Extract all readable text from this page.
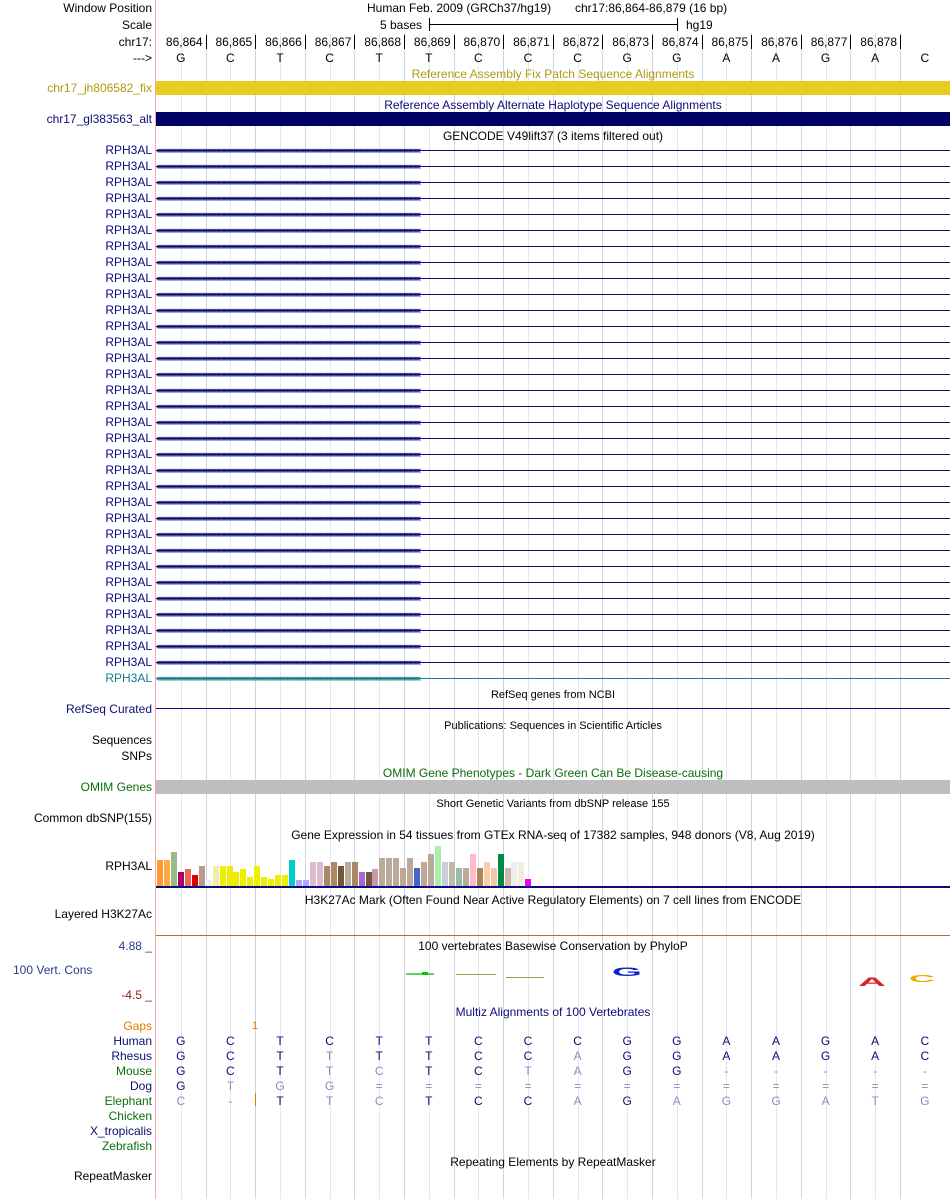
Window Position
Scale
chr17:
--->
Human Feb. 2009 (GRCh37/hg19) chr17:86,864-86,879 (16 bp)
5 bases	hg19
86,864 86,865 86,866 86,867 86,868 86,869 86,870 86,871 86,872 86,873 86,874 86,875 86,876 86,877 86,878
G	C	T	C	T	T	C	C	C	G	G	A	A	G	A	C
Reference Assembly Fix Patch Sequence Alignments
chr17_jh806582_fix
Reference Assembly Alternate Haplotype Sequence Alignments
chr17_gl383563_alt
GENCODE V49lift37 (3 items filtered out)
RPH3AL ‹‹‹‹‹‹‹‹‹‹‹‹‹‹‹‹‹‹‹‹‹‹‹‹‹‹‹‹‹‹‹‹‹‹‹‹‹‹‹‹‹‹‹‹‹‹‹‹‹‹‹‹‹‹‹‹‹‹‹‹‹‹‹‹‹‹‹‹‹‹‹‹‹‹‹‹‹‹‹‹‹‹‹‹‹‹‹‹‹‹‹‹‹‹‹‹‹‹‹‹‹‹‹‹‹‹‹‹‹‹‹‹‹‹‹‹‹‹‹‹‹‹‹‹‹‹‹‹‹‹‹‹‹‹‹‹‹‹‹‹‹‹‹‹‹‹‹‹‹‹‹‹‹‹‹‹‹‹‹‹‹‹‹‹‹‹‹‹‹‹‹‹‹‹‹‹‹‹‹‹‹‹‹‹‹‹‹‹‹‹‹‹‹‹‹‹‹‹‹‹‹‹‹‹‹‹‹‹‹‹‹‹‹‹‹‹‹‹‹‹‹‹‹‹‹‹‹‹‹‹‹‹‹‹‹‹‹‹‹‹
RPH3AL ‹‹‹‹‹‹‹‹‹‹‹‹‹‹‹‹‹‹‹‹‹‹‹‹‹‹‹‹‹‹‹‹‹‹‹‹‹‹‹‹‹‹‹‹‹‹‹‹‹‹‹‹‹‹‹‹‹‹‹‹‹‹‹‹‹‹‹‹‹‹‹‹‹‹‹‹‹‹‹‹‹‹‹‹‹‹‹‹‹‹‹‹‹‹‹‹‹‹‹‹‹‹‹‹‹‹‹‹‹‹‹‹‹‹‹‹‹‹‹‹‹‹‹‹‹‹‹‹‹‹‹‹‹‹‹‹‹‹‹‹‹‹‹‹‹‹‹‹‹‹‹‹‹‹‹‹‹‹‹‹‹‹‹‹‹‹‹‹‹‹‹‹‹‹‹‹‹‹‹‹‹‹‹‹‹‹‹‹‹‹‹‹‹‹‹‹‹‹‹‹‹‹‹‹‹‹‹‹‹‹‹‹‹‹‹‹‹‹‹‹‹‹‹‹‹‹‹‹‹‹‹‹‹‹‹‹‹‹‹‹
RPH3AL ‹‹‹‹‹‹‹‹‹‹‹‹‹‹‹‹‹‹‹‹‹‹‹‹‹‹‹‹‹‹‹‹‹‹‹‹‹‹‹‹‹‹‹‹‹‹‹‹‹‹‹‹‹‹‹‹‹‹‹‹‹‹‹‹‹‹‹‹‹‹‹‹‹‹‹‹‹‹‹‹‹‹‹‹‹‹‹‹‹‹‹‹‹‹‹‹‹‹‹‹‹‹‹‹‹‹‹‹‹‹‹‹‹‹‹‹‹‹‹‹‹‹‹‹‹‹‹‹‹‹‹‹‹‹‹‹‹‹‹‹‹‹‹‹‹‹‹‹‹‹‹‹‹‹‹‹‹‹‹‹‹‹‹‹‹‹‹‹‹‹‹‹‹‹‹‹‹‹‹‹‹‹‹‹‹‹‹‹‹‹‹‹‹‹‹‹‹‹‹‹‹‹‹‹‹‹‹‹‹‹‹‹‹‹‹‹‹‹‹‹‹‹‹‹‹‹‹‹‹‹‹‹‹‹‹‹‹‹‹‹
RPH3AL ‹‹‹‹‹‹‹‹‹‹‹‹‹‹‹‹‹‹‹‹‹‹‹‹‹‹‹‹‹‹‹‹‹‹‹‹‹‹‹‹‹‹‹‹‹‹‹‹‹‹‹‹‹‹‹‹‹‹‹‹‹‹‹‹‹‹‹‹‹‹‹‹‹‹‹‹‹‹‹‹‹‹‹‹‹‹‹‹‹‹‹‹‹‹‹‹‹‹‹‹‹‹‹‹‹‹‹‹‹‹‹‹‹‹‹‹‹‹‹‹‹‹‹‹‹‹‹‹‹‹‹‹‹‹‹‹‹‹‹‹‹‹‹‹‹‹‹‹‹‹‹‹‹‹‹‹‹‹‹‹‹‹‹‹‹‹‹‹‹‹‹‹‹‹‹‹‹‹‹‹‹‹‹‹‹‹‹‹‹‹‹‹‹‹‹‹‹‹‹‹‹‹‹‹‹‹‹‹‹‹‹‹‹‹‹‹‹‹‹‹‹‹‹‹‹‹‹‹‹‹‹‹‹‹‹‹‹‹‹‹
RPH3AL ‹‹‹‹‹‹‹‹‹‹‹‹‹‹‹‹‹‹‹‹‹‹‹‹‹‹‹‹‹‹‹‹‹‹‹‹‹‹‹‹‹‹‹‹‹‹‹‹‹‹‹‹‹‹‹‹‹‹‹‹‹‹‹‹‹‹‹‹‹‹‹‹‹‹‹‹‹‹‹‹‹‹‹‹‹‹‹‹‹‹‹‹‹‹‹‹‹‹‹‹‹‹‹‹‹‹‹‹‹‹‹‹‹‹‹‹‹‹‹‹‹‹‹‹‹‹‹‹‹‹‹‹‹‹‹‹‹‹‹‹‹‹‹‹‹‹‹‹‹‹‹‹‹‹‹‹‹‹‹‹‹‹‹‹‹‹‹‹‹‹‹‹‹‹‹‹‹‹‹‹‹‹‹‹‹‹‹‹‹‹‹‹‹‹‹‹‹‹‹‹‹‹‹‹‹‹‹‹‹‹‹‹‹‹‹‹‹‹‹‹‹‹‹‹‹‹‹‹‹‹‹‹‹‹‹‹‹‹‹‹
RPH3AL ‹‹‹‹‹‹‹‹‹‹‹‹‹‹‹‹‹‹‹‹‹‹‹‹‹‹‹‹‹‹‹‹‹‹‹‹‹‹‹‹‹‹‹‹‹‹‹‹‹‹‹‹‹‹‹‹‹‹‹‹‹‹‹‹‹‹‹‹‹‹‹‹‹‹‹‹‹‹‹‹‹‹‹‹‹‹‹‹‹‹‹‹‹‹‹‹‹‹‹‹‹‹‹‹‹‹‹‹‹‹‹‹‹‹‹‹‹‹‹‹‹‹‹‹‹‹‹‹‹‹‹‹‹‹‹‹‹‹‹‹‹‹‹‹‹‹‹‹‹‹‹‹‹‹‹‹‹‹‹‹‹‹‹‹‹‹‹‹‹‹‹‹‹‹‹‹‹‹‹‹‹‹‹‹‹‹‹‹‹‹‹‹‹‹‹‹‹‹‹‹‹‹‹‹‹‹‹‹‹‹‹‹‹‹‹‹‹‹‹‹‹‹‹‹‹‹‹‹‹‹‹‹‹‹‹‹‹‹‹‹
RPH3AL ‹‹‹‹‹‹‹‹‹‹‹‹‹‹‹‹‹‹‹‹‹‹‹‹‹‹‹‹‹‹‹‹‹‹‹‹‹‹‹‹‹‹‹‹‹‹‹‹‹‹‹‹‹‹‹‹‹‹‹‹‹‹‹‹‹‹‹‹‹‹‹‹‹‹‹‹‹‹‹‹‹‹‹‹‹‹‹‹‹‹‹‹‹‹‹‹‹‹‹‹‹‹‹‹‹‹‹‹‹‹‹‹‹‹‹‹‹‹‹‹‹‹‹‹‹‹‹‹‹‹‹‹‹‹‹‹‹‹‹‹‹‹‹‹‹‹‹‹‹‹‹‹‹‹‹‹‹‹‹‹‹‹‹‹‹‹‹‹‹‹‹‹‹‹‹‹‹‹‹‹‹‹‹‹‹‹‹‹‹‹‹‹‹‹‹‹‹‹‹‹‹‹‹‹‹‹‹‹‹‹‹‹‹‹‹‹‹‹‹‹‹‹‹‹‹‹‹‹‹‹‹‹‹‹‹‹‹‹‹‹
RPH3AL ‹‹‹‹‹‹‹‹‹‹‹‹‹‹‹‹‹‹‹‹‹‹‹‹‹‹‹‹‹‹‹‹‹‹‹‹‹‹‹‹‹‹‹‹‹‹‹‹‹‹‹‹‹‹‹‹‹‹‹‹‹‹‹‹‹‹‹‹‹‹‹‹‹‹‹‹‹‹‹‹‹‹‹‹‹‹‹‹‹‹‹‹‹‹‹‹‹‹‹‹‹‹‹‹‹‹‹‹‹‹‹‹‹‹‹‹‹‹‹‹‹‹‹‹‹‹‹‹‹‹‹‹‹‹‹‹‹‹‹‹‹‹‹‹‹‹‹‹‹‹‹‹‹‹‹‹‹‹‹‹‹‹‹‹‹‹‹‹‹‹‹‹‹‹‹‹‹‹‹‹‹‹‹‹‹‹‹‹‹‹‹‹‹‹‹‹‹‹‹‹‹‹‹‹‹‹‹‹‹‹‹‹‹‹‹‹‹‹‹‹‹‹‹‹‹‹‹‹‹‹‹‹‹‹‹‹‹‹‹‹
RPH3AL ‹‹‹‹‹‹‹‹‹‹‹‹‹‹‹‹‹‹‹‹‹‹‹‹‹‹‹‹‹‹‹‹‹‹‹‹‹‹‹‹‹‹‹‹‹‹‹‹‹‹‹‹‹‹‹‹‹‹‹‹‹‹‹‹‹‹‹‹‹‹‹‹‹‹‹‹‹‹‹‹‹‹‹‹‹‹‹‹‹‹‹‹‹‹‹‹‹‹‹‹‹‹‹‹‹‹‹‹‹‹‹‹‹‹‹‹‹‹‹‹‹‹‹‹‹‹‹‹‹‹‹‹‹‹‹‹‹‹‹‹‹‹‹‹‹‹‹‹‹‹‹‹‹‹‹‹‹‹‹‹‹‹‹‹‹‹‹‹‹‹‹‹‹‹‹‹‹‹‹‹‹‹‹‹‹‹‹‹‹‹‹‹‹‹‹‹‹‹‹‹‹‹‹‹‹‹‹‹‹‹‹‹‹‹‹‹‹‹‹‹‹‹‹‹‹‹‹‹‹‹‹‹‹‹‹‹‹‹‹‹
RPH3AL ‹‹‹‹‹‹‹‹‹‹‹‹‹‹‹‹‹‹‹‹‹‹‹‹‹‹‹‹‹‹‹‹‹‹‹‹‹‹‹‹‹‹‹‹‹‹‹‹‹‹‹‹‹‹‹‹‹‹‹‹‹‹‹‹‹‹‹‹‹‹‹‹‹‹‹‹‹‹‹‹‹‹‹‹‹‹‹‹‹‹‹‹‹‹‹‹‹‹‹‹‹‹‹‹‹‹‹‹‹‹‹‹‹‹‹‹‹‹‹‹‹‹‹‹‹‹‹‹‹‹‹‹‹‹‹‹‹‹‹‹‹‹‹‹‹‹‹‹‹‹‹‹‹‹‹‹‹‹‹‹‹‹‹‹‹‹‹‹‹‹‹‹‹‹‹‹‹‹‹‹‹‹‹‹‹‹‹‹‹‹‹‹‹‹‹‹‹‹‹‹‹‹‹‹‹‹‹‹‹‹‹‹‹‹‹‹‹‹‹‹‹‹‹‹‹‹‹‹‹‹‹‹‹‹‹‹‹‹‹‹
RPH3AL ‹‹‹‹‹‹‹‹‹‹‹‹‹‹‹‹‹‹‹‹‹‹‹‹‹‹‹‹‹‹‹‹‹‹‹‹‹‹‹‹‹‹‹‹‹‹‹‹‹‹‹‹‹‹‹‹‹‹‹‹‹‹‹‹‹‹‹‹‹‹‹‹‹‹‹‹‹‹‹‹‹‹‹‹‹‹‹‹‹‹‹‹‹‹‹‹‹‹‹‹‹‹‹‹‹‹‹‹‹‹‹‹‹‹‹‹‹‹‹‹‹‹‹‹‹‹‹‹‹‹‹‹‹‹‹‹‹‹‹‹‹‹‹‹‹‹‹‹‹‹‹‹‹‹‹‹‹‹‹‹‹‹‹‹‹‹‹‹‹‹‹‹‹‹‹‹‹‹‹‹‹‹‹‹‹‹‹‹‹‹‹‹‹‹‹‹‹‹‹‹‹‹‹‹‹‹‹‹‹‹‹‹‹‹‹‹‹‹‹‹‹‹‹‹‹‹‹‹‹‹‹‹‹‹‹‹‹‹‹‹
RPH3AL ‹‹‹‹‹‹‹‹‹‹‹‹‹‹‹‹‹‹‹‹‹‹‹‹‹‹‹‹‹‹‹‹‹‹‹‹‹‹‹‹‹‹‹‹‹‹‹‹‹‹‹‹‹‹‹‹‹‹‹‹‹‹‹‹‹‹‹‹‹‹‹‹‹‹‹‹‹‹‹‹‹‹‹‹‹‹‹‹‹‹‹‹‹‹‹‹‹‹‹‹‹‹‹‹‹‹‹‹‹‹‹‹‹‹‹‹‹‹‹‹‹‹‹‹‹‹‹‹‹‹‹‹‹‹‹‹‹‹‹‹‹‹‹‹‹‹‹‹‹‹‹‹‹‹‹‹‹‹‹‹‹‹‹‹‹‹‹‹‹‹‹‹‹‹‹‹‹‹‹‹‹‹‹‹‹‹‹‹‹‹‹‹‹‹‹‹‹‹‹‹‹‹‹‹‹‹‹‹‹‹‹‹‹‹‹‹‹‹‹‹‹‹‹‹‹‹‹‹‹‹‹‹‹‹‹‹‹‹‹‹
RPH3AL ‹‹‹‹‹‹‹‹‹‹‹‹‹‹‹‹‹‹‹‹‹‹‹‹‹‹‹‹‹‹‹‹‹‹‹‹‹‹‹‹‹‹‹‹‹‹‹‹‹‹‹‹‹‹‹‹‹‹‹‹‹‹‹‹‹‹‹‹‹‹‹‹‹‹‹‹‹‹‹‹‹‹‹‹‹‹‹‹‹‹‹‹‹‹‹‹‹‹‹‹‹‹‹‹‹‹‹‹‹‹‹‹‹‹‹‹‹‹‹‹‹‹‹‹‹‹‹‹‹‹‹‹‹‹‹‹‹‹‹‹‹‹‹‹‹‹‹‹‹‹‹‹‹‹‹‹‹‹‹‹‹‹‹‹‹‹‹‹‹‹‹‹‹‹‹‹‹‹‹‹‹‹‹‹‹‹‹‹‹‹‹‹‹‹‹‹‹‹‹‹‹‹‹‹‹‹‹‹‹‹‹‹‹‹‹‹‹‹‹‹‹‹‹‹‹‹‹‹‹‹‹‹‹‹‹‹‹‹‹‹
RPH3AL ‹‹‹‹‹‹‹‹‹‹‹‹‹‹‹‹‹‹‹‹‹‹‹‹‹‹‹‹‹‹‹‹‹‹‹‹‹‹‹‹‹‹‹‹‹‹‹‹‹‹‹‹‹‹‹‹‹‹‹‹‹‹‹‹‹‹‹‹‹‹‹‹‹‹‹‹‹‹‹‹‹‹‹‹‹‹‹‹‹‹‹‹‹‹‹‹‹‹‹‹‹‹‹‹‹‹‹‹‹‹‹‹‹‹‹‹‹‹‹‹‹‹‹‹‹‹‹‹‹‹‹‹‹‹‹‹‹‹‹‹‹‹‹‹‹‹‹‹‹‹‹‹‹‹‹‹‹‹‹‹‹‹‹‹‹‹‹‹‹‹‹‹‹‹‹‹‹‹‹‹‹‹‹‹‹‹‹‹‹‹‹‹‹‹‹‹‹‹‹‹‹‹‹‹‹‹‹‹‹‹‹‹‹‹‹‹‹‹‹‹‹‹‹‹‹‹‹‹‹‹‹‹‹‹‹‹‹‹‹‹
RPH3AL ‹‹‹‹‹‹‹‹‹‹‹‹‹‹‹‹‹‹‹‹‹‹‹‹‹‹‹‹‹‹‹‹‹‹‹‹‹‹‹‹‹‹‹‹‹‹‹‹‹‹‹‹‹‹‹‹‹‹‹‹‹‹‹‹‹‹‹‹‹‹‹‹‹‹‹‹‹‹‹‹‹‹‹‹‹‹‹‹‹‹‹‹‹‹‹‹‹‹‹‹‹‹‹‹‹‹‹‹‹‹‹‹‹‹‹‹‹‹‹‹‹‹‹‹‹‹‹‹‹‹‹‹‹‹‹‹‹‹‹‹‹‹‹‹‹‹‹‹‹‹‹‹‹‹‹‹‹‹‹‹‹‹‹‹‹‹‹‹‹‹‹‹‹‹‹‹‹‹‹‹‹‹‹‹‹‹‹‹‹‹‹‹‹‹‹‹‹‹‹‹‹‹‹‹‹‹‹‹‹‹‹‹‹‹‹‹‹‹‹‹‹‹‹‹‹‹‹‹‹‹‹‹‹‹‹‹‹‹‹‹
RPH3AL ‹‹‹‹‹‹‹‹‹‹‹‹‹‹‹‹‹‹‹‹‹‹‹‹‹‹‹‹‹‹‹‹‹‹‹‹‹‹‹‹‹‹‹‹‹‹‹‹‹‹‹‹‹‹‹‹‹‹‹‹‹‹‹‹‹‹‹‹‹‹‹‹‹‹‹‹‹‹‹‹‹‹‹‹‹‹‹‹‹‹‹‹‹‹‹‹‹‹‹‹‹‹‹‹‹‹‹‹‹‹‹‹‹‹‹‹‹‹‹‹‹‹‹‹‹‹‹‹‹‹‹‹‹‹‹‹‹‹‹‹‹‹‹‹‹‹‹‹‹‹‹‹‹‹‹‹‹‹‹‹‹‹‹‹‹‹‹‹‹‹‹‹‹‹‹‹‹‹‹‹‹‹‹‹‹‹‹‹‹‹‹‹‹‹‹‹‹‹‹‹‹‹‹‹‹‹‹‹‹‹‹‹‹‹‹‹‹‹‹‹‹‹‹‹‹‹‹‹‹‹‹‹‹‹‹‹‹‹‹‹
RPH3AL ‹‹‹‹‹‹‹‹‹‹‹‹‹‹‹‹‹‹‹‹‹‹‹‹‹‹‹‹‹‹‹‹‹‹‹‹‹‹‹‹‹‹‹‹‹‹‹‹‹‹‹‹‹‹‹‹‹‹‹‹‹‹‹‹‹‹‹‹‹‹‹‹‹‹‹‹‹‹‹‹‹‹‹‹‹‹‹‹‹‹‹‹‹‹‹‹‹‹‹‹‹‹‹‹‹‹‹‹‹‹‹‹‹‹‹‹‹‹‹‹‹‹‹‹‹‹‹‹‹‹‹‹‹‹‹‹‹‹‹‹‹‹‹‹‹‹‹‹‹‹‹‹‹‹‹‹‹‹‹‹‹‹‹‹‹‹‹‹‹‹‹‹‹‹‹‹‹‹‹‹‹‹‹‹‹‹‹‹‹‹‹‹‹‹‹‹‹‹‹‹‹‹‹‹‹‹‹‹‹‹‹‹‹‹‹‹‹‹‹‹‹‹‹‹‹‹‹‹‹‹‹‹‹‹‹‹‹‹‹‹
RPH3AL ‹‹‹‹‹‹‹‹‹‹‹‹‹‹‹‹‹‹‹‹‹‹‹‹‹‹‹‹‹‹‹‹‹‹‹‹‹‹‹‹‹‹‹‹‹‹‹‹‹‹‹‹‹‹‹‹‹‹‹‹‹‹‹‹‹‹‹‹‹‹‹‹‹‹‹‹‹‹‹‹‹‹‹‹‹‹‹‹‹‹‹‹‹‹‹‹‹‹‹‹‹‹‹‹‹‹‹‹‹‹‹‹‹‹‹‹‹‹‹‹‹‹‹‹‹‹‹‹‹‹‹‹‹‹‹‹‹‹‹‹‹‹‹‹‹‹‹‹‹‹‹‹‹‹‹‹‹‹‹‹‹‹‹‹‹‹‹‹‹‹‹‹‹‹‹‹‹‹‹‹‹‹‹‹‹‹‹‹‹‹‹‹‹‹‹‹‹‹‹‹‹‹‹‹‹‹‹‹‹‹‹‹‹‹‹‹‹‹‹‹‹‹‹‹‹‹‹‹‹‹‹‹‹‹‹‹‹‹‹‹
RPH3AL ‹‹‹‹‹‹‹‹‹‹‹‹‹‹‹‹‹‹‹‹‹‹‹‹‹‹‹‹‹‹‹‹‹‹‹‹‹‹‹‹‹‹‹‹‹‹‹‹‹‹‹‹‹‹‹‹‹‹‹‹‹‹‹‹‹‹‹‹‹‹‹‹‹‹‹‹‹‹‹‹‹‹‹‹‹‹‹‹‹‹‹‹‹‹‹‹‹‹‹‹‹‹‹‹‹‹‹‹‹‹‹‹‹‹‹‹‹‹‹‹‹‹‹‹‹‹‹‹‹‹‹‹‹‹‹‹‹‹‹‹‹‹‹‹‹‹‹‹‹‹‹‹‹‹‹‹‹‹‹‹‹‹‹‹‹‹‹‹‹‹‹‹‹‹‹‹‹‹‹‹‹‹‹‹‹‹‹‹‹‹‹‹‹‹‹‹‹‹‹‹‹‹‹‹‹‹‹‹‹‹‹‹‹‹‹‹‹‹‹‹‹‹‹‹‹‹‹‹‹‹‹‹‹‹‹‹‹‹‹‹
RPH3AL ‹‹‹‹‹‹‹‹‹‹‹‹‹‹‹‹‹‹‹‹‹‹‹‹‹‹‹‹‹‹‹‹‹‹‹‹‹‹‹‹‹‹‹‹‹‹‹‹‹‹‹‹‹‹‹‹‹‹‹‹‹‹‹‹‹‹‹‹‹‹‹‹‹‹‹‹‹‹‹‹‹‹‹‹‹‹‹‹‹‹‹‹‹‹‹‹‹‹‹‹‹‹‹‹‹‹‹‹‹‹‹‹‹‹‹‹‹‹‹‹‹‹‹‹‹‹‹‹‹‹‹‹‹‹‹‹‹‹‹‹‹‹‹‹‹‹‹‹‹‹‹‹‹‹‹‹‹‹‹‹‹‹‹‹‹‹‹‹‹‹‹‹‹‹‹‹‹‹‹‹‹‹‹‹‹‹‹‹‹‹‹‹‹‹‹‹‹‹‹‹‹‹‹‹‹‹‹‹‹‹‹‹‹‹‹‹‹‹‹‹‹‹‹‹‹‹‹‹‹‹‹‹‹‹‹‹‹‹‹‹
RPH3AL ‹‹‹‹‹‹‹‹‹‹‹‹‹‹‹‹‹‹‹‹‹‹‹‹‹‹‹‹‹‹‹‹‹‹‹‹‹‹‹‹‹‹‹‹‹‹‹‹‹‹‹‹‹‹‹‹‹‹‹‹‹‹‹‹‹‹‹‹‹‹‹‹‹‹‹‹‹‹‹‹‹‹‹‹‹‹‹‹‹‹‹‹‹‹‹‹‹‹‹‹‹‹‹‹‹‹‹‹‹‹‹‹‹‹‹‹‹‹‹‹‹‹‹‹‹‹‹‹‹‹‹‹‹‹‹‹‹‹‹‹‹‹‹‹‹‹‹‹‹‹‹‹‹‹‹‹‹‹‹‹‹‹‹‹‹‹‹‹‹‹‹‹‹‹‹‹‹‹‹‹‹‹‹‹‹‹‹‹‹‹‹‹‹‹‹‹‹‹‹‹‹‹‹‹‹‹‹‹‹‹‹‹‹‹‹‹‹‹‹‹‹‹‹‹‹‹‹‹‹‹‹‹‹‹‹‹‹‹‹‹
RPH3AL ‹‹‹‹‹‹‹‹‹‹‹‹‹‹‹‹‹‹‹‹‹‹‹‹‹‹‹‹‹‹‹‹‹‹‹‹‹‹‹‹‹‹‹‹‹‹‹‹‹‹‹‹‹‹‹‹‹‹‹‹‹‹‹‹‹‹‹‹‹‹‹‹‹‹‹‹‹‹‹‹‹‹‹‹‹‹‹‹‹‹‹‹‹‹‹‹‹‹‹‹‹‹‹‹‹‹‹‹‹‹‹‹‹‹‹‹‹‹‹‹‹‹‹‹‹‹‹‹‹‹‹‹‹‹‹‹‹‹‹‹‹‹‹‹‹‹‹‹‹‹‹‹‹‹‹‹‹‹‹‹‹‹‹‹‹‹‹‹‹‹‹‹‹‹‹‹‹‹‹‹‹‹‹‹‹‹‹‹‹‹‹‹‹‹‹‹‹‹‹‹‹‹‹‹‹‹‹‹‹‹‹‹‹‹‹‹‹‹‹‹‹‹‹‹‹‹‹‹‹‹‹‹‹‹‹‹‹‹‹‹
RPH3AL ‹‹‹‹‹‹‹‹‹‹‹‹‹‹‹‹‹‹‹‹‹‹‹‹‹‹‹‹‹‹‹‹‹‹‹‹‹‹‹‹‹‹‹‹‹‹‹‹‹‹‹‹‹‹‹‹‹‹‹‹‹‹‹‹‹‹‹‹‹‹‹‹‹‹‹‹‹‹‹‹‹‹‹‹‹‹‹‹‹‹‹‹‹‹‹‹‹‹‹‹‹‹‹‹‹‹‹‹‹‹‹‹‹‹‹‹‹‹‹‹‹‹‹‹‹‹‹‹‹‹‹‹‹‹‹‹‹‹‹‹‹‹‹‹‹‹‹‹‹‹‹‹‹‹‹‹‹‹‹‹‹‹‹‹‹‹‹‹‹‹‹‹‹‹‹‹‹‹‹‹‹‹‹‹‹‹‹‹‹‹‹‹‹‹‹‹‹‹‹‹‹‹‹‹‹‹‹‹‹‹‹‹‹‹‹‹‹‹‹‹‹‹‹‹‹‹‹‹‹‹‹‹‹‹‹‹‹‹‹‹
RPH3AL ‹‹‹‹‹‹‹‹‹‹‹‹‹‹‹‹‹‹‹‹‹‹‹‹‹‹‹‹‹‹‹‹‹‹‹‹‹‹‹‹‹‹‹‹‹‹‹‹‹‹‹‹‹‹‹‹‹‹‹‹‹‹‹‹‹‹‹‹‹‹‹‹‹‹‹‹‹‹‹‹‹‹‹‹‹‹‹‹‹‹‹‹‹‹‹‹‹‹‹‹‹‹‹‹‹‹‹‹‹‹‹‹‹‹‹‹‹‹‹‹‹‹‹‹‹‹‹‹‹‹‹‹‹‹‹‹‹‹‹‹‹‹‹‹‹‹‹‹‹‹‹‹‹‹‹‹‹‹‹‹‹‹‹‹‹‹‹‹‹‹‹‹‹‹‹‹‹‹‹‹‹‹‹‹‹‹‹‹‹‹‹‹‹‹‹‹‹‹‹‹‹‹‹‹‹‹‹‹‹‹‹‹‹‹‹‹‹‹‹‹‹‹‹‹‹‹‹‹‹‹‹‹‹‹‹‹‹‹‹‹
RPH3AL ‹‹‹‹‹‹‹‹‹‹‹‹‹‹‹‹‹‹‹‹‹‹‹‹‹‹‹‹‹‹‹‹‹‹‹‹‹‹‹‹‹‹‹‹‹‹‹‹‹‹‹‹‹‹‹‹‹‹‹‹‹‹‹‹‹‹‹‹‹‹‹‹‹‹‹‹‹‹‹‹‹‹‹‹‹‹‹‹‹‹‹‹‹‹‹‹‹‹‹‹‹‹‹‹‹‹‹‹‹‹‹‹‹‹‹‹‹‹‹‹‹‹‹‹‹‹‹‹‹‹‹‹‹‹‹‹‹‹‹‹‹‹‹‹‹‹‹‹‹‹‹‹‹‹‹‹‹‹‹‹‹‹‹‹‹‹‹‹‹‹‹‹‹‹‹‹‹‹‹‹‹‹‹‹‹‹‹‹‹‹‹‹‹‹‹‹‹‹‹‹‹‹‹‹‹‹‹‹‹‹‹‹‹‹‹‹‹‹‹‹‹‹‹‹‹‹‹‹‹‹‹‹‹‹‹‹‹‹‹‹
RPH3AL ‹‹‹‹‹‹‹‹‹‹‹‹‹‹‹‹‹‹‹‹‹‹‹‹‹‹‹‹‹‹‹‹‹‹‹‹‹‹‹‹‹‹‹‹‹‹‹‹‹‹‹‹‹‹‹‹‹‹‹‹‹‹‹‹‹‹‹‹‹‹‹‹‹‹‹‹‹‹‹‹‹‹‹‹‹‹‹‹‹‹‹‹‹‹‹‹‹‹‹‹‹‹‹‹‹‹‹‹‹‹‹‹‹‹‹‹‹‹‹‹‹‹‹‹‹‹‹‹‹‹‹‹‹‹‹‹‹‹‹‹‹‹‹‹‹‹‹‹‹‹‹‹‹‹‹‹‹‹‹‹‹‹‹‹‹‹‹‹‹‹‹‹‹‹‹‹‹‹‹‹‹‹‹‹‹‹‹‹‹‹‹‹‹‹‹‹‹‹‹‹‹‹‹‹‹‹‹‹‹‹‹‹‹‹‹‹‹‹‹‹‹‹‹‹‹‹‹‹‹‹‹‹‹‹‹‹‹‹‹‹
RPH3AL ‹‹‹‹‹‹‹‹‹‹‹‹‹‹‹‹‹‹‹‹‹‹‹‹‹‹‹‹‹‹‹‹‹‹‹‹‹‹‹‹‹‹‹‹‹‹‹‹‹‹‹‹‹‹‹‹‹‹‹‹‹‹‹‹‹‹‹‹‹‹‹‹‹‹‹‹‹‹‹‹‹‹‹‹‹‹‹‹‹‹‹‹‹‹‹‹‹‹‹‹‹‹‹‹‹‹‹‹‹‹‹‹‹‹‹‹‹‹‹‹‹‹‹‹‹‹‹‹‹‹‹‹‹‹‹‹‹‹‹‹‹‹‹‹‹‹‹‹‹‹‹‹‹‹‹‹‹‹‹‹‹‹‹‹‹‹‹‹‹‹‹‹‹‹‹‹‹‹‹‹‹‹‹‹‹‹‹‹‹‹‹‹‹‹‹‹‹‹‹‹‹‹‹‹‹‹‹‹‹‹‹‹‹‹‹‹‹‹‹‹‹‹‹‹‹‹‹‹‹‹‹‹‹‹‹‹‹‹‹‹
RPH3AL ‹‹‹‹‹‹‹‹‹‹‹‹‹‹‹‹‹‹‹‹‹‹‹‹‹‹‹‹‹‹‹‹‹‹‹‹‹‹‹‹‹‹‹‹‹‹‹‹‹‹‹‹‹‹‹‹‹‹‹‹‹‹‹‹‹‹‹‹‹‹‹‹‹‹‹‹‹‹‹‹‹‹‹‹‹‹‹‹‹‹‹‹‹‹‹‹‹‹‹‹‹‹‹‹‹‹‹‹‹‹‹‹‹‹‹‹‹‹‹‹‹‹‹‹‹‹‹‹‹‹‹‹‹‹‹‹‹‹‹‹‹‹‹‹‹‹‹‹‹‹‹‹‹‹‹‹‹‹‹‹‹‹‹‹‹‹‹‹‹‹‹‹‹‹‹‹‹‹‹‹‹‹‹‹‹‹‹‹‹‹‹‹‹‹‹‹‹‹‹‹‹‹‹‹‹‹‹‹‹‹‹‹‹‹‹‹‹‹‹‹‹‹‹‹‹‹‹‹‹‹‹‹‹‹‹‹‹‹‹‹
RPH3AL ‹‹‹‹‹‹‹‹‹‹‹‹‹‹‹‹‹‹‹‹‹‹‹‹‹‹‹‹‹‹‹‹‹‹‹‹‹‹‹‹‹‹‹‹‹‹‹‹‹‹‹‹‹‹‹‹‹‹‹‹‹‹‹‹‹‹‹‹‹‹‹‹‹‹‹‹‹‹‹‹‹‹‹‹‹‹‹‹‹‹‹‹‹‹‹‹‹‹‹‹‹‹‹‹‹‹‹‹‹‹‹‹‹‹‹‹‹‹‹‹‹‹‹‹‹‹‹‹‹‹‹‹‹‹‹‹‹‹‹‹‹‹‹‹‹‹‹‹‹‹‹‹‹‹‹‹‹‹‹‹‹‹‹‹‹‹‹‹‹‹‹‹‹‹‹‹‹‹‹‹‹‹‹‹‹‹‹‹‹‹‹‹‹‹‹‹‹‹‹‹‹‹‹‹‹‹‹‹‹‹‹‹‹‹‹‹‹‹‹‹‹‹‹‹‹‹‹‹‹‹‹‹‹‹‹‹‹‹‹‹
RPH3AL ‹‹‹‹‹‹‹‹‹‹‹‹‹‹‹‹‹‹‹‹‹‹‹‹‹‹‹‹‹‹‹‹‹‹‹‹‹‹‹‹‹‹‹‹‹‹‹‹‹‹‹‹‹‹‹‹‹‹‹‹‹‹‹‹‹‹‹‹‹‹‹‹‹‹‹‹‹‹‹‹‹‹‹‹‹‹‹‹‹‹‹‹‹‹‹‹‹‹‹‹‹‹‹‹‹‹‹‹‹‹‹‹‹‹‹‹‹‹‹‹‹‹‹‹‹‹‹‹‹‹‹‹‹‹‹‹‹‹‹‹‹‹‹‹‹‹‹‹‹‹‹‹‹‹‹‹‹‹‹‹‹‹‹‹‹‹‹‹‹‹‹‹‹‹‹‹‹‹‹‹‹‹‹‹‹‹‹‹‹‹‹‹‹‹‹‹‹‹‹‹‹‹‹‹‹‹‹‹‹‹‹‹‹‹‹‹‹‹‹‹‹‹‹‹‹‹‹‹‹‹‹‹‹‹‹‹‹‹‹‹
RPH3AL ‹‹‹‹‹‹‹‹‹‹‹‹‹‹‹‹‹‹‹‹‹‹‹‹‹‹‹‹‹‹‹‹‹‹‹‹‹‹‹‹‹‹‹‹‹‹‹‹‹‹‹‹‹‹‹‹‹‹‹‹‹‹‹‹‹‹‹‹‹‹‹‹‹‹‹‹‹‹‹‹‹‹‹‹‹‹‹‹‹‹‹‹‹‹‹‹‹‹‹‹‹‹‹‹‹‹‹‹‹‹‹‹‹‹‹‹‹‹‹‹‹‹‹‹‹‹‹‹‹‹‹‹‹‹‹‹‹‹‹‹‹‹‹‹‹‹‹‹‹‹‹‹‹‹‹‹‹‹‹‹‹‹‹‹‹‹‹‹‹‹‹‹‹‹‹‹‹‹‹‹‹‹‹‹‹‹‹‹‹‹‹‹‹‹‹‹‹‹‹‹‹‹‹‹‹‹‹‹‹‹‹‹‹‹‹‹‹‹‹‹‹‹‹‹‹‹‹‹‹‹‹‹‹‹‹‹‹‹‹‹
RPH3AL ‹‹‹‹‹‹‹‹‹‹‹‹‹‹‹‹‹‹‹‹‹‹‹‹‹‹‹‹‹‹‹‹‹‹‹‹‹‹‹‹‹‹‹‹‹‹‹‹‹‹‹‹‹‹‹‹‹‹‹‹‹‹‹‹‹‹‹‹‹‹‹‹‹‹‹‹‹‹‹‹‹‹‹‹‹‹‹‹‹‹‹‹‹‹‹‹‹‹‹‹‹‹‹‹‹‹‹‹‹‹‹‹‹‹‹‹‹‹‹‹‹‹‹‹‹‹‹‹‹‹‹‹‹‹‹‹‹‹‹‹‹‹‹‹‹‹‹‹‹‹‹‹‹‹‹‹‹‹‹‹‹‹‹‹‹‹‹‹‹‹‹‹‹‹‹‹‹‹‹‹‹‹‹‹‹‹‹‹‹‹‹‹‹‹‹‹‹‹‹‹‹‹‹‹‹‹‹‹‹‹‹‹‹‹‹‹‹‹‹‹‹‹‹‹‹‹‹‹‹‹‹‹‹‹‹‹‹‹‹‹
RPH3AL ‹‹‹‹‹‹‹‹‹‹‹‹‹‹‹‹‹‹‹‹‹‹‹‹‹‹‹‹‹‹‹‹‹‹‹‹‹‹‹‹‹‹‹‹‹‹‹‹‹‹‹‹‹‹‹‹‹‹‹‹‹‹‹‹‹‹‹‹‹‹‹‹‹‹‹‹‹‹‹‹‹‹‹‹‹‹‹‹‹‹‹‹‹‹‹‹‹‹‹‹‹‹‹‹‹‹‹‹‹‹‹‹‹‹‹‹‹‹‹‹‹‹‹‹‹‹‹‹‹‹‹‹‹‹‹‹‹‹‹‹‹‹‹‹‹‹‹‹‹‹‹‹‹‹‹‹‹‹‹‹‹‹‹‹‹‹‹‹‹‹‹‹‹‹‹‹‹‹‹‹‹‹‹‹‹‹‹‹‹‹‹‹‹‹‹‹‹‹‹‹‹‹‹‹‹‹‹‹‹‹‹‹‹‹‹‹‹‹‹‹‹‹‹‹‹‹‹‹‹‹‹‹‹‹‹‹‹‹‹‹
RPH3AL ‹‹‹‹‹‹‹‹‹‹‹‹‹‹‹‹‹‹‹‹‹‹‹‹‹‹‹‹‹‹‹‹‹‹‹‹‹‹‹‹‹‹‹‹‹‹‹‹‹‹‹‹‹‹‹‹‹‹‹‹‹‹‹‹‹‹‹‹‹‹‹‹‹‹‹‹‹‹‹‹‹‹‹‹‹‹‹‹‹‹‹‹‹‹‹‹‹‹‹‹‹‹‹‹‹‹‹‹‹‹‹‹‹‹‹‹‹‹‹‹‹‹‹‹‹‹‹‹‹‹‹‹‹‹‹‹‹‹‹‹‹‹‹‹‹‹‹‹‹‹‹‹‹‹‹‹‹‹‹‹‹‹‹‹‹‹‹‹‹‹‹‹‹‹‹‹‹‹‹‹‹‹‹‹‹‹‹‹‹‹‹‹‹‹‹‹‹‹‹‹‹‹‹‹‹‹‹‹‹‹‹‹‹‹‹‹‹‹‹‹‹‹‹‹‹‹‹‹‹‹‹‹‹‹‹‹‹‹‹‹
RefSeq genes from NCBI
RefSeq Curated
Publications: Sequences in Scientific Articles
Sequences
SNPs
OMIM Gene Phenotypes - Dark Green Can Be Disease-causing
OMIM Genes
Short Genetic Variants from dbSNP release 155
Common dbSNP(155)
Gene Expression in 54 tissues from GTEx RNA-seq of 17382 samples, 948 donors (V8, Aug 2019)
RPH3AL
H3K27Ac Mark (Often Found Near Active Regulatory Elements) on 7 cell lines from ENCODE
Layered H3K27Ac
100 vertebrates Basewise Conservation by PhyloP
4.88 _
100 Vert. Cons
-4.5 _
G
A	C
Multiz Alignments of 100 Vertebrates
Gaps	1
Human	G	C	T	C	T	T	C	C	C	G	G	A	A	G	A	C
Rhesus	G	C	T	T	T	T	C	C	A	G	G	A	A	G	A	C
Mouse	G	C	T	T	C	T	C	T	A	G	G	-	-	-	-	-
Dog	G	T	G	G	=	=	=	=	=	=	=	=	=	=	=	=
Elephant	C	-	T	T	C	T	C	C	A	G	A	G	G	A	T	G
Chicken
X_tropicalis
Zebrafish
Repeating Elements by RepeatMasker
RepeatMasker
